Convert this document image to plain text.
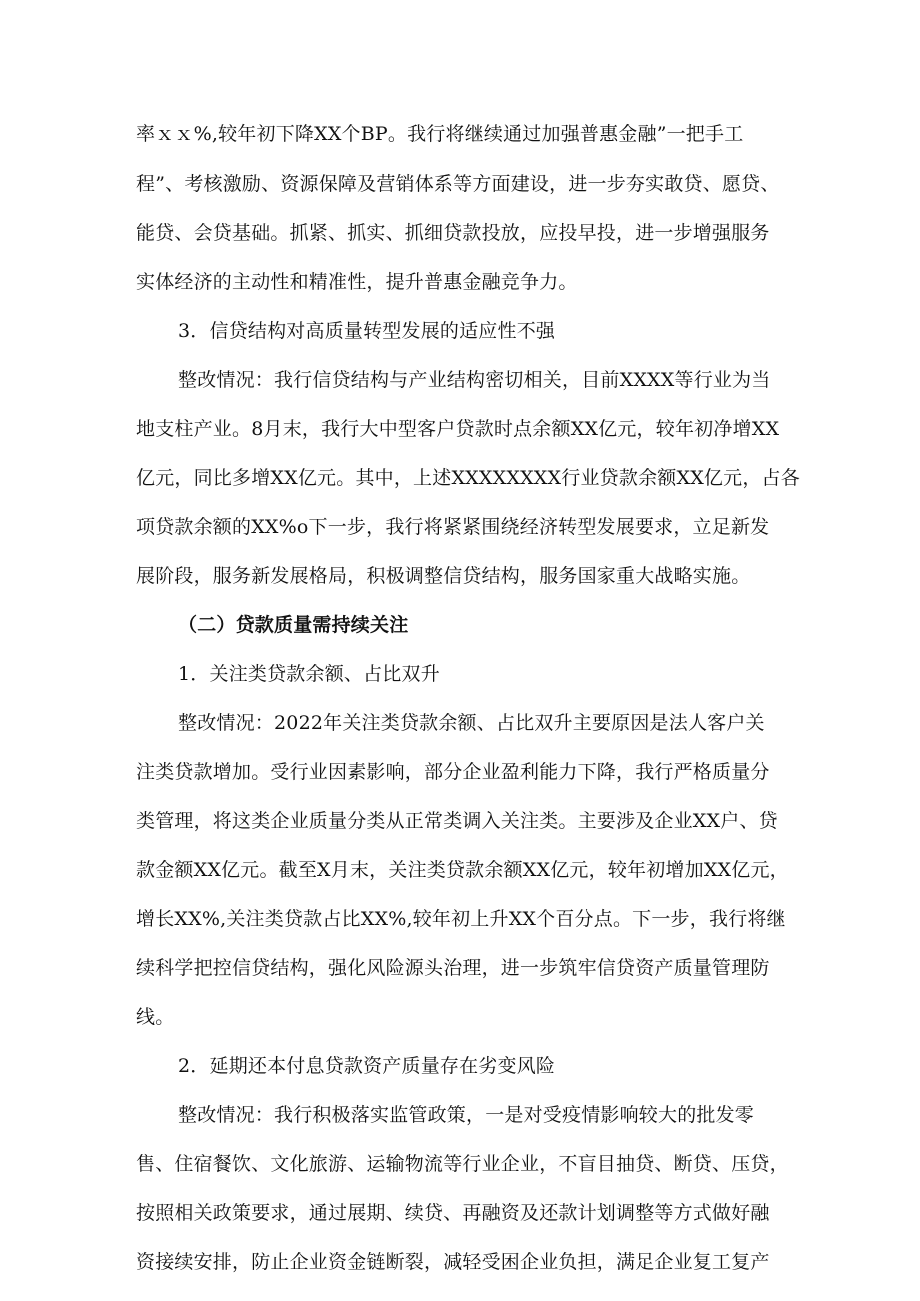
率ｘｘ%,较年初下降XX个BP。我行将继续通过加强普惠金融”一把手工
程”、考核激励、资源保障及营销体系等方面建设，进一步夯实敢贷、愿贷、
能贷、会贷基础。抓紧、抓实、抓细贷款投放，应投早投，进一步增强服务
实体经济的主动性和精准性，提升普惠金融竞争力。
3．信贷结构对高质量转型发展的适应性不强
整改情况：我行信贷结构与产业结构密切相关，目前XXXX等行业为当
地支柱产业。8月末，我行大中型客户贷款时点余额XX亿元，较年初净增XX
亿元，同比多增XX亿元。其中，上述XXXXXXXX行业贷款余额XX亿元，占各
项贷款余额的XX%o下一步，我行将紧紧围绕经济转型发展要求，立足新发
展阶段，服务新发展格局，积极调整信贷结构，服务国家重大战略实施。
（二）贷款质量需持续关注
1．关注类贷款余额、占比双升
整改情况：2022年关注类贷款余额、占比双升主要原因是法人客户关
注类贷款增加。受行业因素影响，部分企业盈利能力下降，我行严格质量分
类管理，将这类企业质量分类从正常类调入关注类。主要涉及企业XX户、贷
款金额XX亿元。截至X月末，关注类贷款余额XX亿元，较年初增加XX亿元，
增长XX%,关注类贷款占比XX%,较年初上升XX个百分点。下一步，我行将继
续科学把控信贷结构，强化风险源头治理，进一步筑牢信贷资产质量管理防
线。
2．延期还本付息贷款资产质量存在劣变风险
整改情况：我行积极落实监管政策，一是对受疫情影响较大的批发零
售、住宿餐饮、文化旅游、运输物流等行业企业，不盲目抽贷、断贷、压贷，
按照相关政策要求，通过展期、续贷、再融资及还款计划调整等方式做好融
资接续安排，防止企业资金链断裂，减轻受困企业负担，满足企业复工复产
